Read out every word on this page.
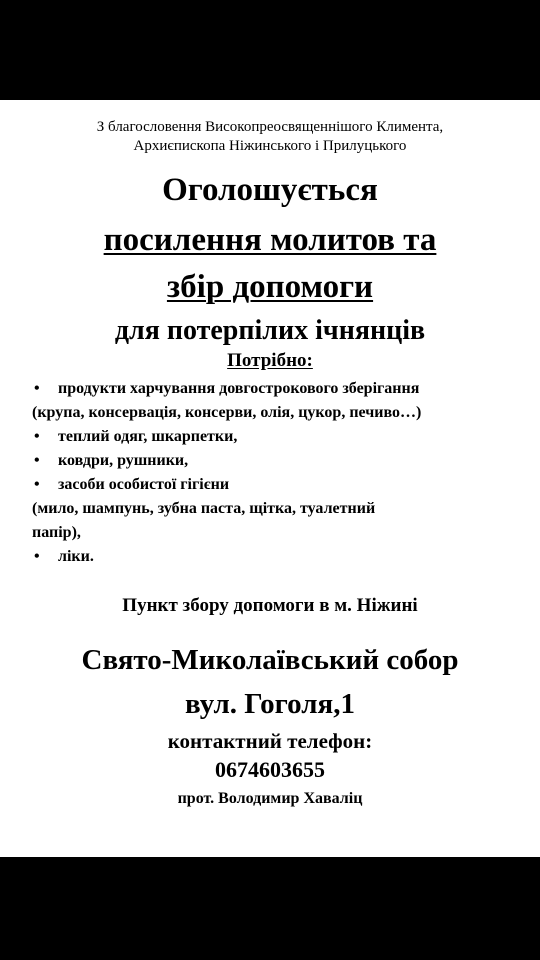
З благословення Високопреосвященнішого Климента,
Архиєпископа Ніжинського і Прилуцького
Оголошується
посилення молитов та
збір допомоги
для потерпілих ічнянців
Потрібно:
• продукти харчування довгострокового зберігання
(крупа, консервація, консерви, олія, цукор, печиво…)
• теплий одяг, шкарпетки,
• ковдри, рушники,
• засоби особистої гігієни
(мило, шампунь, зубна паста, щітка, туалетний
папір),
• ліки.
Пункт збору допомоги в м. Ніжині
Свято-Миколаївський собор
вул. Гоголя,1
контактний телефон:
0674603655
прот. Володимир Хаваліц
